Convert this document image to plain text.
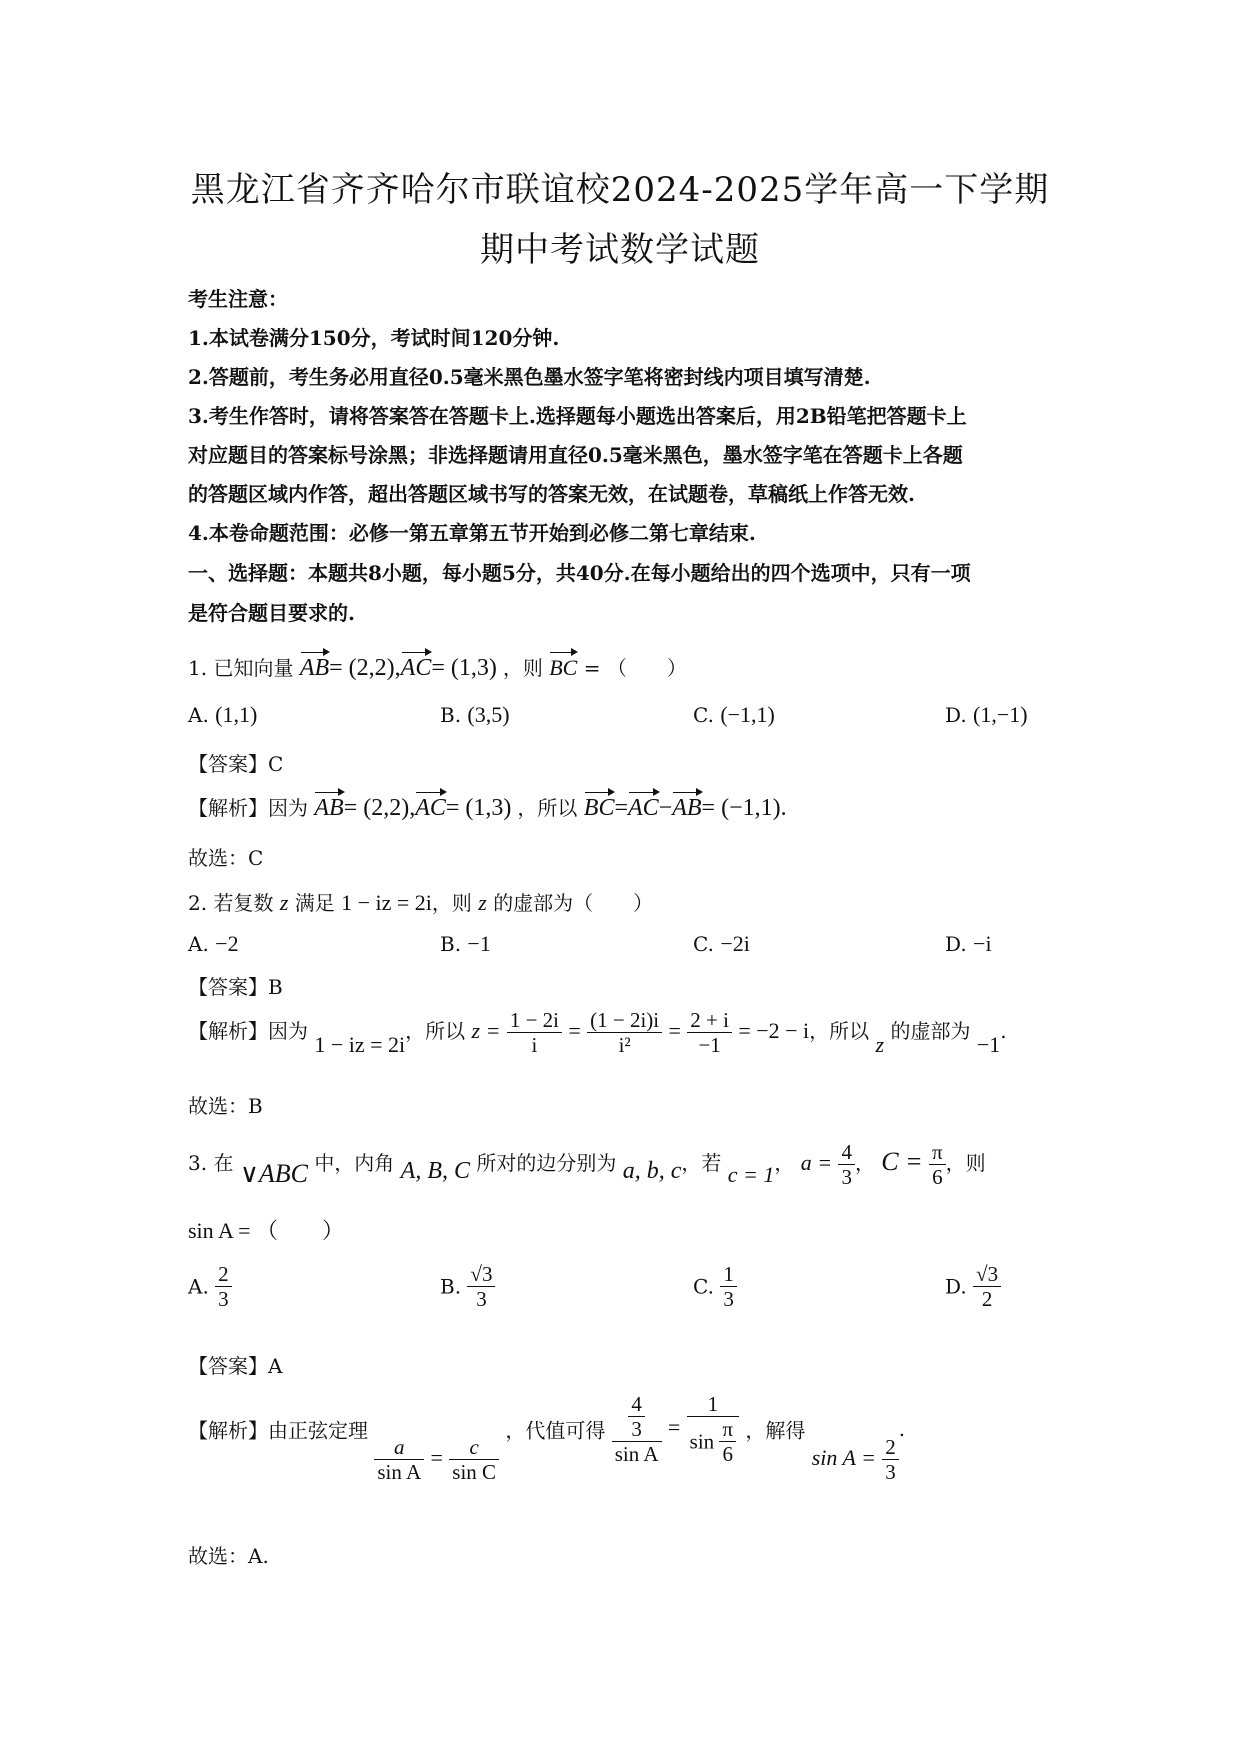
黑龙江省齐齐哈尔市联谊校2024-2025学年高一下学期
期中考试数学试题
考生注意：
1.本试卷满分150分，考试时间120分钟.
2.答题前，考生务必用直径0.5毫米黑色墨水签字笔将密封线内项目填写清楚.
3.考生作答时，请将答案答在答题卡上.选择题每小题选出答案后，用2B铅笔把答题卡上
对应题目的答案标号涂黑；非选择题请用直径0.5毫米黑色，墨水签字笔在答题卡上各题
的答题区域内作答，超出答题区域书写的答案无效，在试题卷，草稿纸上作答无效.
4.本卷命题范围：必修一第五章第五节开始到必修二第七章结束.
一、选择题：本题共8小题，每小题5分，共40分.在每小题给出的四个选项中，只有一项
是符合题目要求的.
1. 已知向量 AB= (2,2),AC= (1,3) ，则 BC = （　　）
A. (1,1)	B. (3,5)	C. (−1,1)	D. (1,−1)
【答案】C
【解析】因为 AB= (2,2),AC= (1,3) ，所以 BC=AC−AB= (−1,1).
故选：C
2. 若复数 z 满足 1 − iz = 2i，则 z 的虚部为（　　）
A. −2	B. −1	C. −2i	D. −i
【答案】B
【解析】因为 1 − iz = 2i，所以 $z = \frac{1 - 2i}{i} = \frac{(1 - 2i)i}{\text{i²}} = \frac{2 + i}{-1} = -2 - i$，所以 z 的虚部为 −1.
故选：B
3. 在 ∨ABC 中，内角 A, B, C 所对的边分别为 a, b, c，若 c = 1， $a = \frac{4}{3}$ ， $C = \frac{\pi}{6}$ ，则
sin A = （　　）
A. $\frac{2}{3}$	B. $\frac{√3}{3}$	C. $\frac{1}{3}$	D. $\frac{√3}{2}$
【答案】A
【解析】由正弦定理
$\frac{a}{\text{sin A}} = \frac{c}{\text{sin C}}$
，代值可得 $\frac{\frac{4}{3}}{\text{sin A}} = \frac{1}{\sin \frac{\pi}{6}}$ ，解得 $\sin A = \frac{2}{3}$
.
故选：A.
